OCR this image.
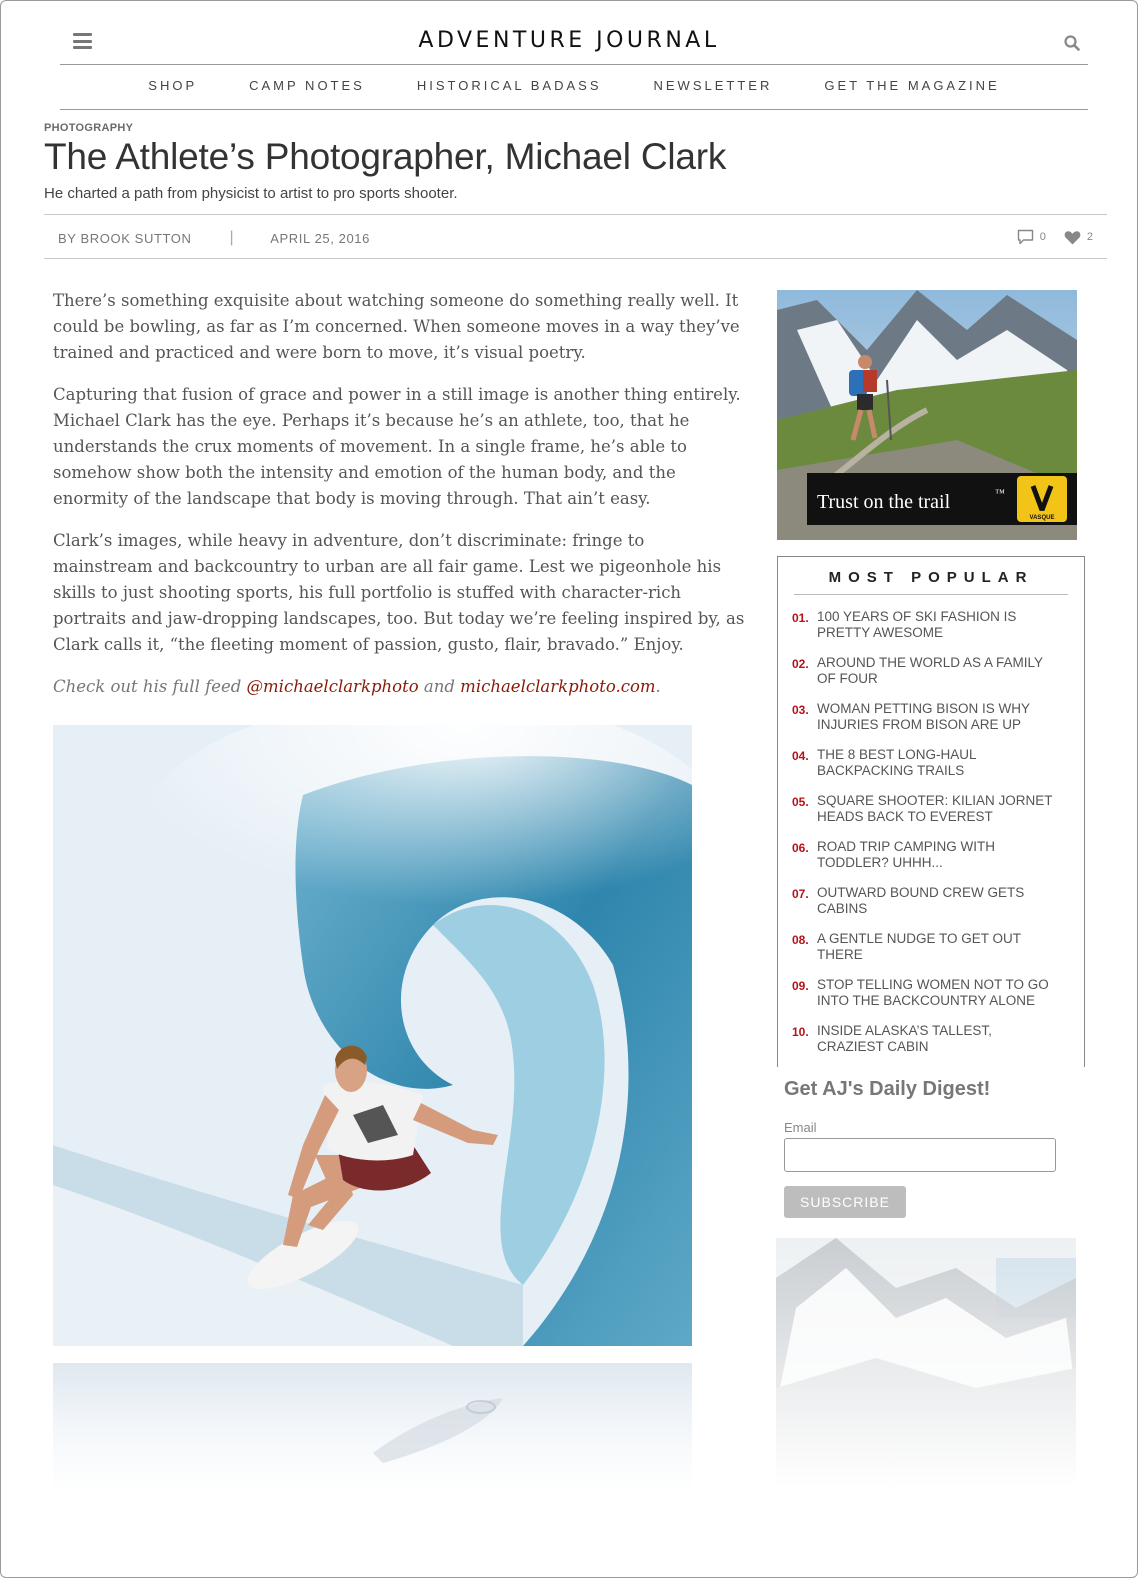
ADVENTURE JOURNAL
SHOP	CAMP NOTES	HISTORICAL BADASS	NEWSLETTER	GET THE MAGAZINE
PHOTOGRAPHY
The Athlete’s Photographer, Michael Clark
He charted a path from physicist to artist to pro sports shooter.
BY BROOK SUTTON |	APRIL 25, 2016	0	2

There’s something exquisite about watching someone do something really well. It could be bowling, as far as I’m concerned. When someone moves in a way they’ve trained and practiced and were born to move, it’s visual poetry.

Capturing that fusion of grace and power in a still image is another thing entirely. Michael Clark has the eye. Perhaps it’s because he’s an athlete, too, that he understands the crux moments of movement. In a single frame, he’s able to somehow show both the intensity and emotion of the human body, and the enormity of the landscape that body is moving through. That ain’t easy.

Clark’s images, while heavy in adventure, don’t discriminate: fringe to mainstream and backcountry to urban are all fair game. Lest we pigeonhole his skills to just shooting sports, his full portfolio is stuffed with character-rich portraits and jaw-dropping landscapes, too. But today we’re feeling inspired by, as Clark calls it, “the fleeting moment of passion, gusto, flair, bravado.” Enjoy.

Check out his full feed @michaelclarkphoto and michaelclarkphoto.com.

Trust on the trail	™
VASQUE
MOST POPULAR
01. 100 YEARS OF SKI FASHION IS PRETTY AWESOME
02. AROUND THE WORLD AS A FAMILY OF FOUR
03. WOMAN PETTING BISON IS WHY INJURIES FROM BISON ARE UP
04. THE 8 BEST LONG-HAUL BACKPACKING TRAILS
05. SQUARE SHOOTER: KILIAN JORNET HEADS BACK TO EVEREST
06. ROAD TRIP CAMPING WITH TODDLER? UHHH...
07. OUTWARD BOUND CREW GETS CABINS
08. A GENTLE NUDGE TO GET OUT THERE
09. STOP TELLING WOMEN NOT TO GO INTO THE BACKCOUNTRY ALONE
10. INSIDE ALASKA’S TALLEST, CRAZIEST CABIN
Get AJ's Daily Digest!
Email
SUBSCRIBE
